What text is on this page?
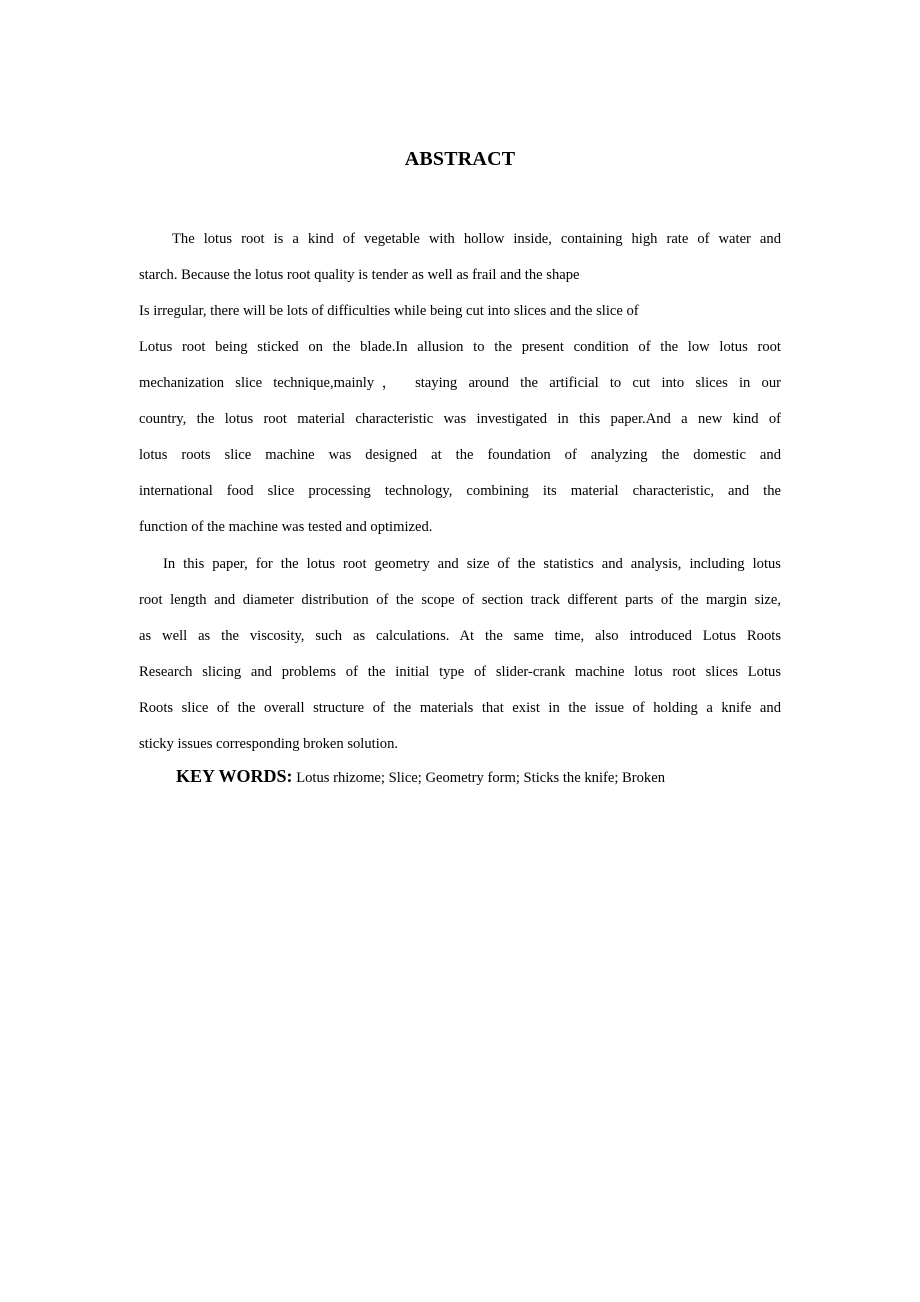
ABSTRACT
The lotus root is a kind of vegetable with hollow inside, containing high rate of water and
starch. Because the lotus root quality is tender as well as frail and the shape
Is irregular, there will be lots of difficulties while being cut into slices and the slice of
Lotus root being sticked on the blade.In allusion to the present condition of the low lotus root
mechanization slice technique,mainly， staying around the artificial to cut into slices in our
country, the lotus root material characteristic was investigated in this paper.And a new kind of
lotus roots slice machine was designed at the foundation of analyzing the domestic and
international food slice processing technology, combining its material characteristic, and the
function of the machine was tested and optimized.
In this paper, for the lotus root geometry and size of the statistics and analysis, including lotus
root length and diameter distribution of the scope of section track different parts of the margin size,
as well as the viscosity, such as calculations. At the same time, also introduced Lotus Roots
Research slicing and problems of the initial type of slider-crank machine lotus root slices Lotus
Roots slice of the overall structure of the materials that exist in the issue of holding a knife and
sticky issues corresponding broken solution.
KEY WORDS: Lotus rhizome; Slice; Geometry form; Sticks the knife; Broken
